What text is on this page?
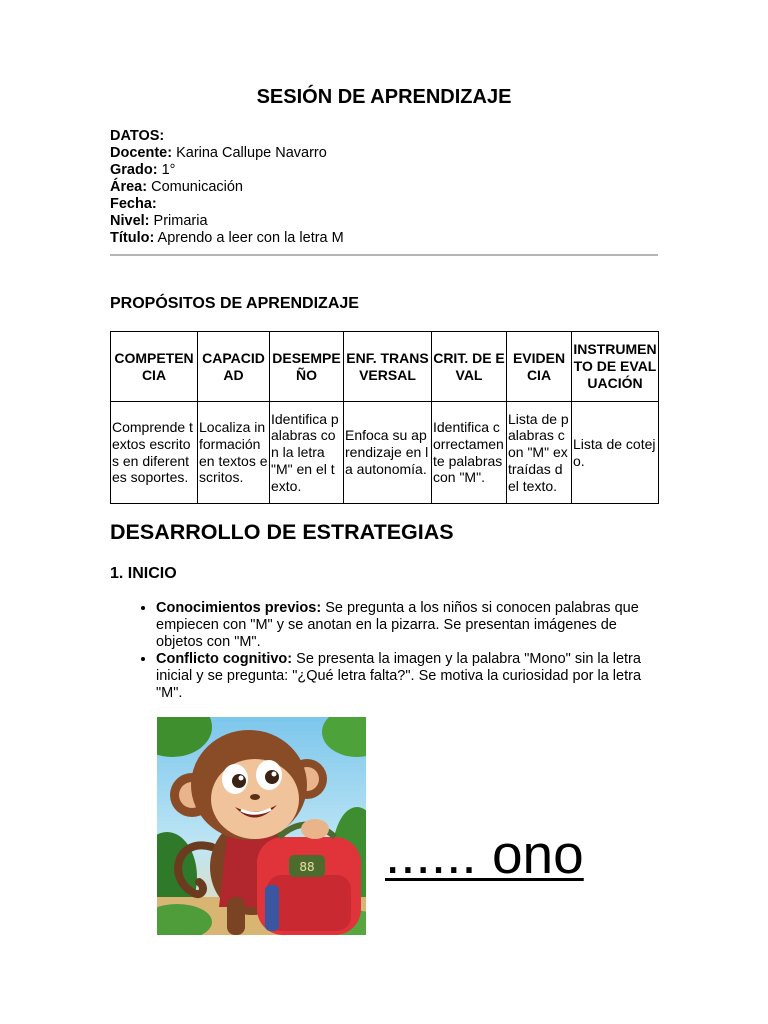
SESIÓN DE APRENDIZAJE
DATOS:
Docente: Karina Callupe Navarro
Grado: 1°
Área: Comunicación
Fecha:
Nivel: Primaria
Título: Aprendo a leer con la letra M
PROPÓSITOS DE APRENDIZAJE
COMPETENCIA	CAPACIDAD	DESEMPEÑO	ENF. TRANSVERSAL	CRIT. DE EVAL	EVIDENCIA	INSTRUMENTO DE EVALUACIÓN
Comprende textos escritos en diferentes soportes.	Localiza información en textos escritos.	Identifica palabras con la letra "M" en el texto.	Enfoca su aprendizaje en la autonomía.	Identifica correctamente palabras con "M".	Lista de palabras con "M" extraídas del texto.	Lista de cotejo.
DESARROLLO DE ESTRATEGIAS
1. INICIO
• Conocimientos previos: Se pregunta a los niños si conocen palabras que empiecen con "M" y se anotan en la pizarra. Se presentan imágenes de objetos con "M".
• Conflicto cognitivo: Se presenta la imagen y la palabra "Mono" sin la letra inicial y se pregunta: "¿Qué letra falta?". Se motiva la curiosidad por la letra "M".
88 ...... ono
